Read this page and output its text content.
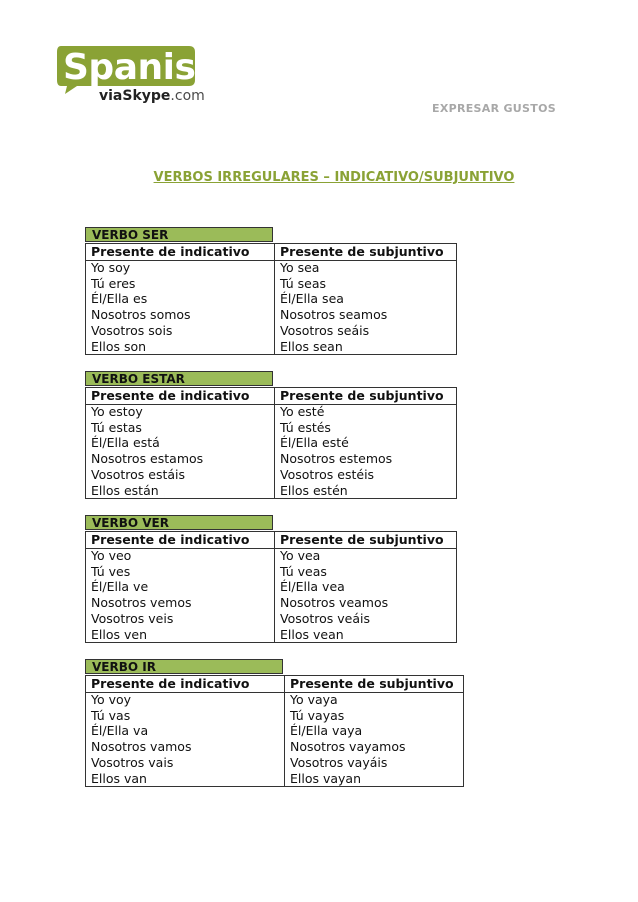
Spanish
viaSkype.com
EXPRESAR GUSTOS
VERBOS IRREGULARES – INDICATIVO/SUBJUNTIVO
VERBO SER
Presente de indicativo
Yo soy
Tú eres
Él/Ella es
Nosotros somos
Vosotros sois
Ellos son
Presente de subjuntivo
Yo sea
Tú seas
Él/Ella sea
Nosotros seamos
Vosotros seáis
Ellos sean
VERBO ESTAR
Presente de indicativo
Yo estoy
Tú estas
Él/Ella está
Nosotros estamos
Vosotros estáis
Ellos están
Presente de subjuntivo
Yo esté
Tú estés
Él/Ella esté
Nosotros estemos
Vosotros estéis
Ellos estén
VERBO VER
Presente de indicativo
Yo veo
Tú ves
Él/Ella ve
Nosotros vemos
Vosotros veis
Ellos ven
Presente de subjuntivo
Yo vea
Tú veas
Él/Ella vea
Nosotros veamos
Vosotros veáis
Ellos vean
VERBO IR
Presente de indicativo
Yo voy
Tú vas
Él/Ella va
Nosotros vamos
Vosotros vais
Ellos van
Presente de subjuntivo
Yo vaya
Tú vayas
Él/Ella vaya
Nosotros vayamos
Vosotros vayáis
Ellos vayan
